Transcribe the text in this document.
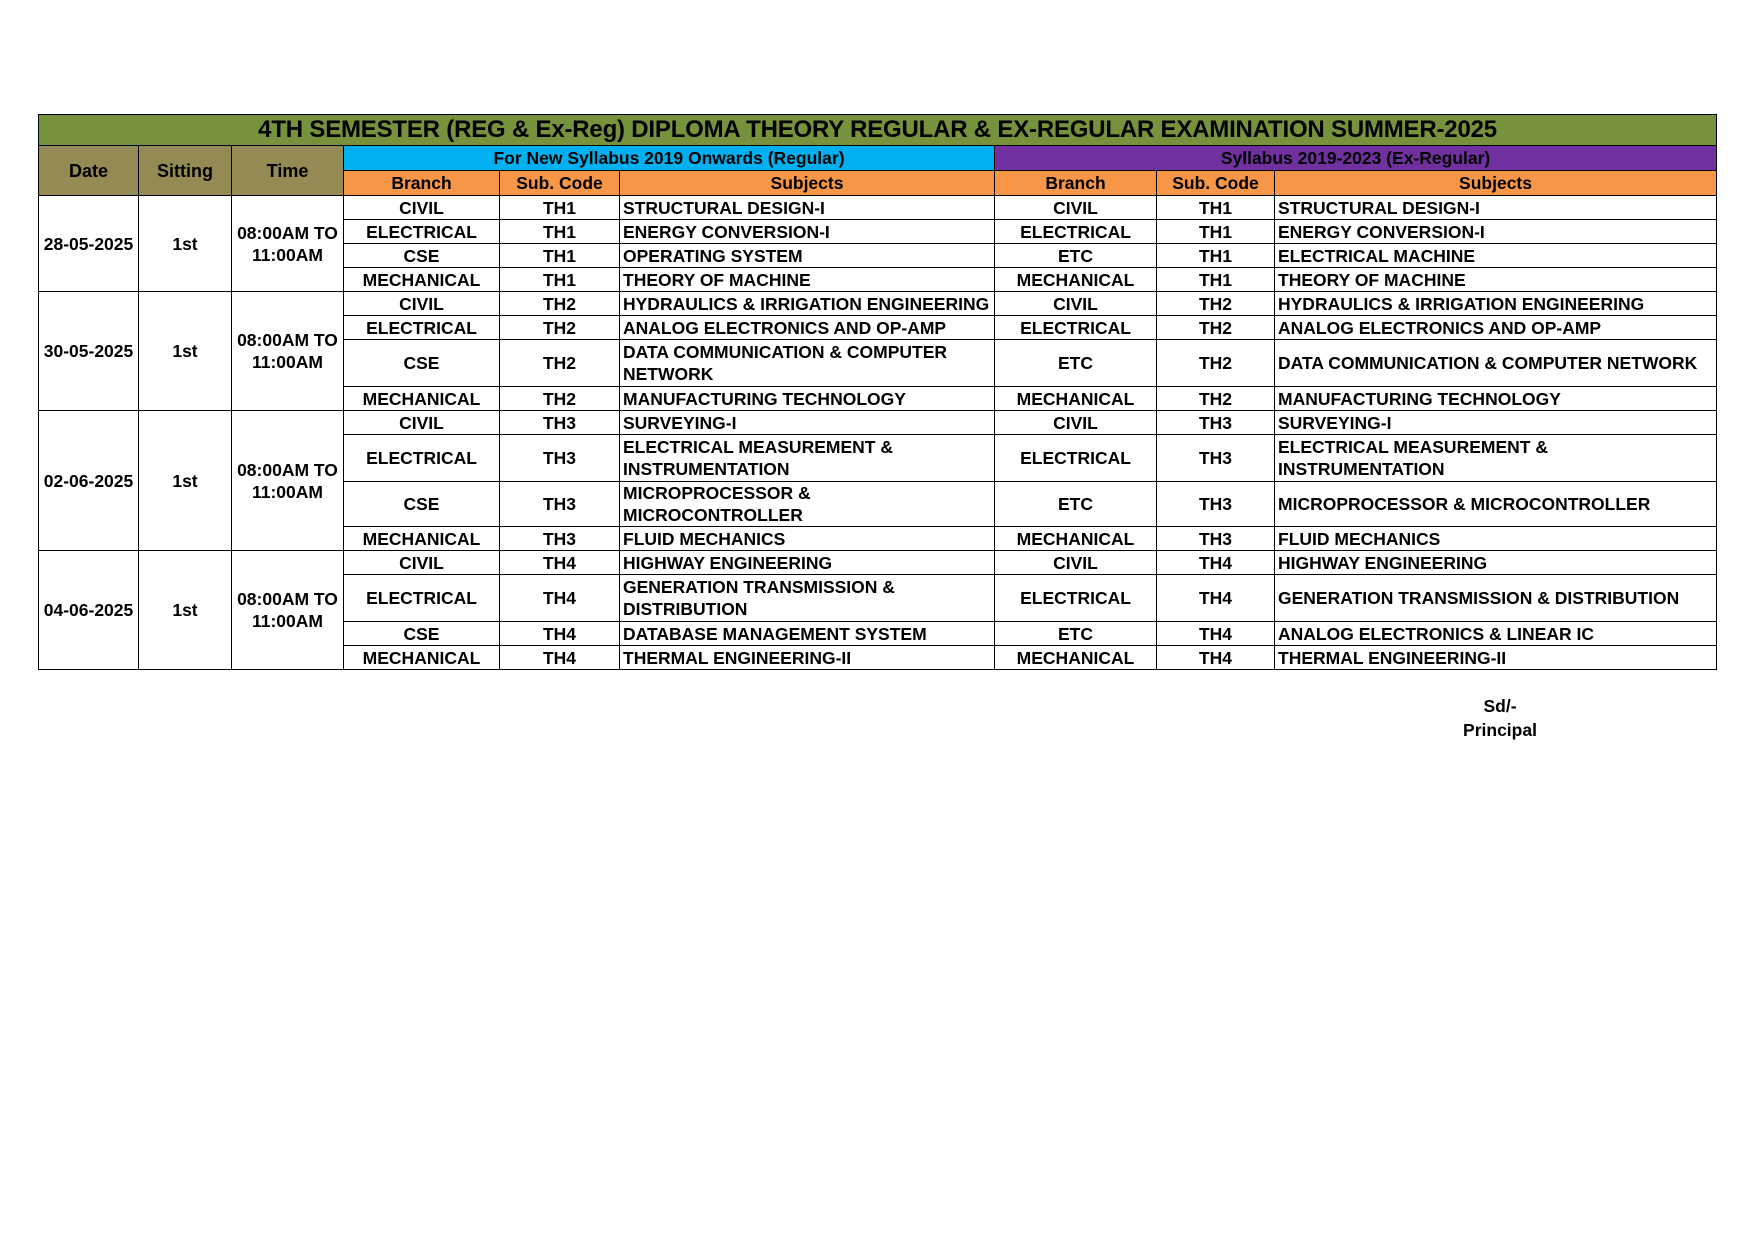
4TH SEMESTER (REG & Ex-Reg) DIPLOMA THEORY REGULAR & EX-REGULAR EXAMINATION SUMMER-2025								
Date	Sitting	Time	For New Syllabus 2019 Onwards (Regular)			Syllabus 2019-2023 (Ex-Regular)		
			Branch	Sub. Code	Subjects	Branch	Sub. Code	Subjects
28-05-2025	1st	08:00AM TO 11:00AM	CIVIL	TH1	STRUCTURAL DESIGN-I	CIVIL	TH1	STRUCTURAL DESIGN-I
			ELECTRICAL	TH1	ENERGY CONVERSION-I	ELECTRICAL	TH1	ENERGY CONVERSION-I
			CSE	TH1	OPERATING SYSTEM	ETC	TH1	ELECTRICAL MACHINE
			MECHANICAL	TH1	THEORY OF MACHINE	MECHANICAL	TH1	THEORY OF MACHINE
30-05-2025	1st	08:00AM TO 11:00AM	CIVIL	TH2	HYDRAULICS & IRRIGATION ENGINEERING	CIVIL	TH2	HYDRAULICS & IRRIGATION ENGINEERING
			ELECTRICAL	TH2	ANALOG ELECTRONICS AND OP-AMP	ELECTRICAL	TH2	ANALOG ELECTRONICS AND OP-AMP
			CSE	TH2	DATA COMMUNICATION & COMPUTER NETWORK	ETC	TH2	DATA COMMUNICATION & COMPUTER NETWORK
			MECHANICAL	TH2	MANUFACTURING TECHNOLOGY	MECHANICAL	TH2	MANUFACTURING TECHNOLOGY
02-06-2025	1st	08:00AM TO 11:00AM	CIVIL	TH3	SURVEYING-I	CIVIL	TH3	SURVEYING-I
			ELECTRICAL	TH3	ELECTRICAL MEASUREMENT & INSTRUMENTATION	ELECTRICAL	TH3	ELECTRICAL MEASUREMENT & INSTRUMENTATION
			CSE	TH3	MICROPROCESSOR & MICROCONTROLLER	ETC	TH3	MICROPROCESSOR & MICROCONTROLLER
			MECHANICAL	TH3	FLUID MECHANICS	MECHANICAL	TH3	FLUID MECHANICS
04-06-2025	1st	08:00AM TO 11:00AM	CIVIL	TH4	HIGHWAY ENGINEERING	CIVIL	TH4	HIGHWAY ENGINEERING
			ELECTRICAL	TH4	GENERATION TRANSMISSION & DISTRIBUTION	ELECTRICAL	TH4	GENERATION TRANSMISSION & DISTRIBUTION
			CSE	TH4	DATABASE MANAGEMENT SYSTEM	ETC	TH4	ANALOG ELECTRONICS & LINEAR IC
			MECHANICAL	TH4	THERMAL ENGINEERING-II	MECHANICAL	TH4	THERMAL ENGINEERING-II
Sd/-
Principal
